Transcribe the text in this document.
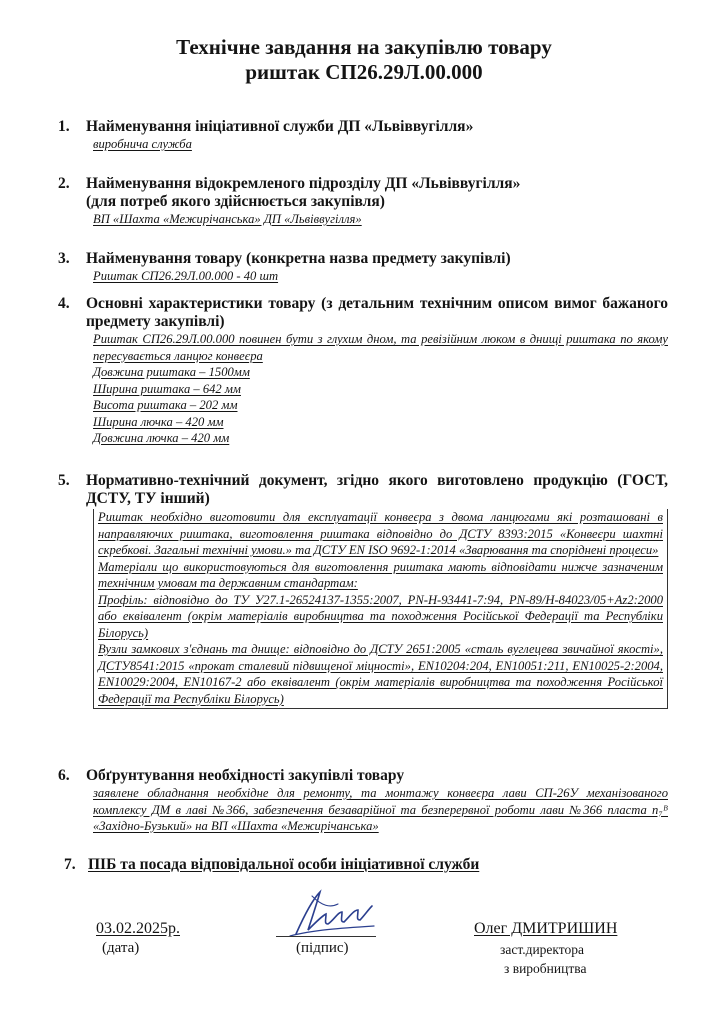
Технічне завдання на закупівлю товару
риштак СП26.29Л.00.000
1. Найменування ініціативної служби ДП «Львіввугілля»
виробнича служба
2. Найменування відокремленого підрозділу ДП «Львіввугілля»
(для потреб якого здійснюється закупівля)
ВП «Шахта «Межирічанська» ДП «Львіввугілля»
3. Найменування товару (конкретна назва предмету закупівлі)
Риштак СП26.29Л.00.000 - 40 шт
4. Основні характеристики товару (з детальним технічним описом вимог бажаного предмету закупівлі)
Риштак СП26.29Л.00.000 повинен бути з глухим дном, та ревізійним люком в днищі риштака по якому пересувається ланцюг конвеєра
Довжина риштака – 1500мм
Ширина риштака – 642 мм
Висота риштака – 202 мм
Ширина лючка – 420 мм
Довжина лючка – 420 мм
5. Нормативно-технічний документ, згідно якого виготовлено продукцію (ГОСТ, ДСТУ, ТУ інший)

Риштак необхідно виготовити для експлуатації конвеєра з двома ланцюгами які розташовані в направляючих риштака, виготовлення риштака відповідно до ДСТУ 8393:2015 «Конвеєри шахтні скребкові. Загальні технічні умови.» та ДСТУ EN ISO 9692-1:2014 «Зварювання та споріднені процеси»

Матеріали що використовуються для виготовлення риштака мають відповідати нижче зазначеним технічним умовам та державним стандартам:

Профіль: відповідно до ТУ У27.1-26524137-1355:2007, PN-H-93441-7:94, PN-89/H-84023/05+Az2:2000 або еквівалент (окрім матеріалів виробництва та походження Російської Федерації та Республіки Білорусь)

Вузли замкових з'єднань та днище: відповідно до ДСТУ 2651:2005 «сталь вуглецева звичайної якості», ДСТУ8541:2015 «прокат сталевий підвищеної міцності», EN10204:204, EN10051:211, EN10025-2:2004, EN10029:2004, EN10167-2 або еквівалент (окрім матеріалів виробництва та походження Російської Федерації та Республіки Білорусь)

6. Обґрунтування необхідності закупівлі товару
заявлене обладнання необхідне для ремонту, та монтажу конвеєра лави СП-26У механізованого комплексу ДМ в лаві №366, забезпечення безаварійної та безперервної роботи лави №366 пласта n₇ᴮ «Західно-Бузький» на ВП «Шахта «Межирічанська»
7. ПІБ та посада відповідальної особи ініціативної служби
03.02.2025р.
(дата)	(підпис)
Олег ДМИТРИШИН
заст.директора
з виробництва
